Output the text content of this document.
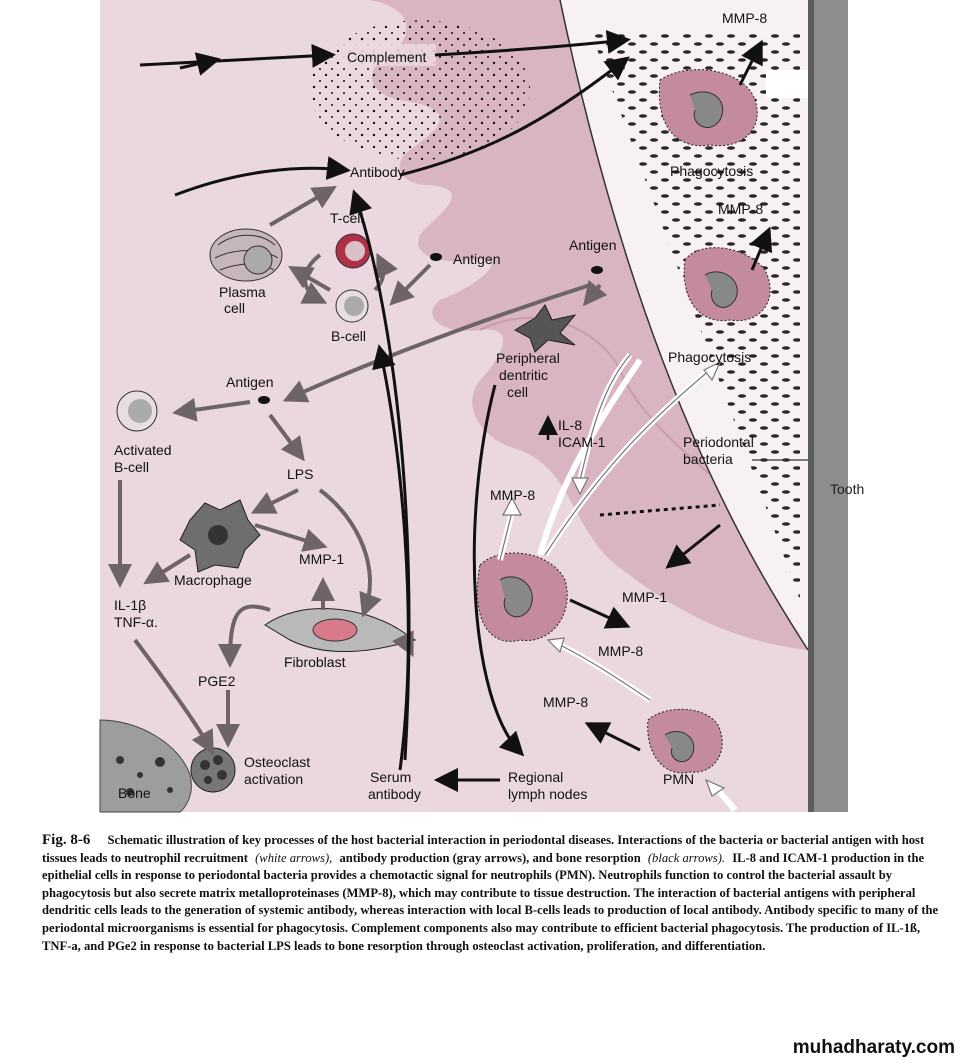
Complement
MMP-8
Phagocytosis
MMP-8
Antibody
T-cell
Antigen
Plasma
cell
B-cell
Antigen
Peripheral
dentritic
cell
Phagocytosis
Antigen
IL-8
ICAM-1	Periodontal
bacteria
Activated
B-cell
Tooth
LPS
MMP-8
Macrophage
MMP-1
MMP-1
IL-1β
TNF-α.
Fibroblast
MMP-8
PGE2
MMP-8
Osteoclast
activation	Serum
antibody
Regional
lymph nodes
PMN
Bone
Fig. 8-6 Schematic illustration of key processes of the host bacterial interaction in periodontal diseases. Interactions of the bacteria or bacterial antigen with host tissues leads to neutrophil recruitment (white arrows), antibody production (gray arrows), and bone resorption (black arrows). IL-8 and ICAM-1 production in the epithelial cells in response to periodontal bacteria provides a chemotactic signal for neutrophils (PMN). Neutrophils function to control the bacterial assault by phagocytosis but also secrete matrix metalloproteinases (MMP-8), which may contribute to tissue destruction. The interaction of bacterial antigens with peripheral dendritic cells leads to the generation of systemic antibody, whereas interaction with local B-cells leads to production of local antibody. Antibody specific to many of the periodontal microorganisms is essential for phagocytosis. Complement components also may contribute to efficient bacterial phagocytosis. The production of IL-1ß, TNF-a, and PGe2 in response to bacterial LPS leads to bone resorption through osteoclast activation, proliferation, and differentiation.
muhadharaty.com
